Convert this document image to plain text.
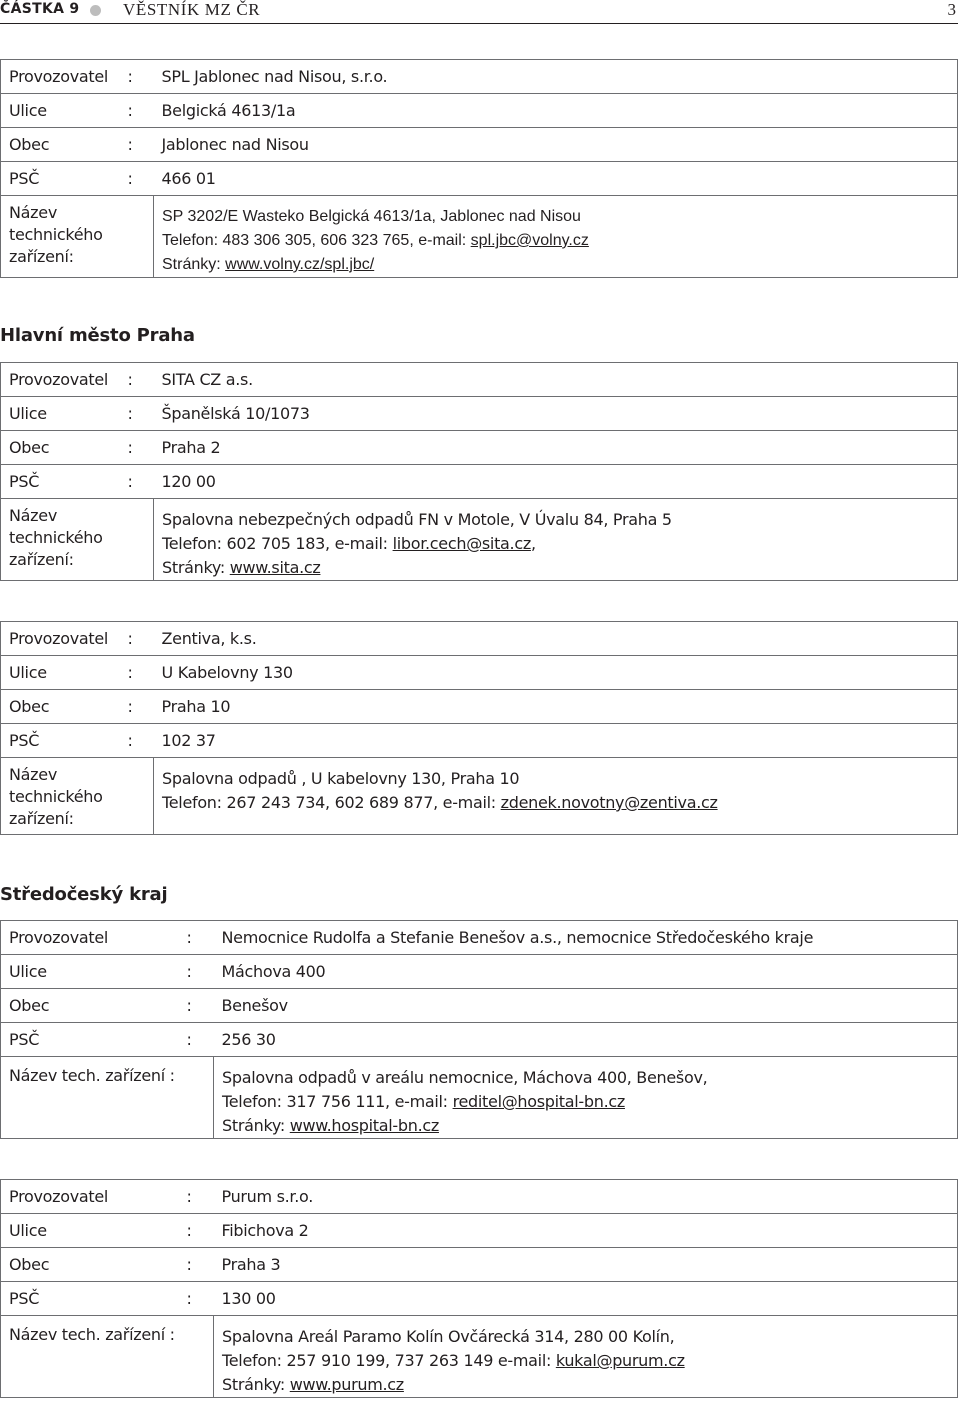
ČÁSTKA 9	VĚSTNÍK MZ ČR	3
Provozovatel	:	SPL Jablonec nad Nisou, s.r.o.
Ulice	:	Belgická 4613/1a
Obec	:	Jablonec nad Nisou
PSČ	:	466 01

Název
technického
zařízení:		SP 3202/E Wasteko Belgická 4613/1a, Jablonec nad Nisou
Telefon: 483 306 305, 606 323 765, e-mail: spl.jbc@volny.cz
Stránky: www.volny.cz/spl.jbc/
Hlavní město Praha
Provozovatel	:	SITA CZ a.s.
Ulice	:	Španělská 10/1073
Obec	:	Praha 2
PSČ	:	120 00

Název
technického
zařízení:		Spalovna nebezpečných odpadů FN v Motole, V Úvalu 84, Praha 5
Telefon: 602 705 183, e-mail: libor.cech@sita.cz,
Stránky: www.sita.cz
Provozovatel	:	Zentiva, k.s.
Ulice	:	U Kabelovny 130
Obec	:	Praha 10
PSČ	:	102 37

Název
technického
zařízení:		Spalovna odpadů , U kabelovny 130, Praha 10
Telefon: 267 243 734, 602 689 877, e-mail: zdenek.novotny@zentiva.cz
Středočeský kraj
Provozovatel	:	Nemocnice Rudolfa a Stefanie Benešov a.s., nemocnice Středočeského kraje
Ulice	:	Máchova 400
Obec	:	Benešov
PSČ	:	256 30
Název tech. zařízení :		Spalovna odpadů v areálu nemocnice, Máchova 400, Benešov,
Telefon: 317 756 111, e-mail: reditel@hospital-bn.cz
Stránky: www.hospital-bn.cz
Provozovatel	:	Purum s.r.o.
Ulice	:	Fibichova 2
Obec	:	Praha 3
PSČ	:	130 00
Název tech. zařízení :		Spalovna Areál Paramo Kolín Ovčárecká 314, 280 00 Kolín,
Telefon: 257 910 199, 737 263 149 e-mail: kukal@purum.cz
Stránky: www.purum.cz
